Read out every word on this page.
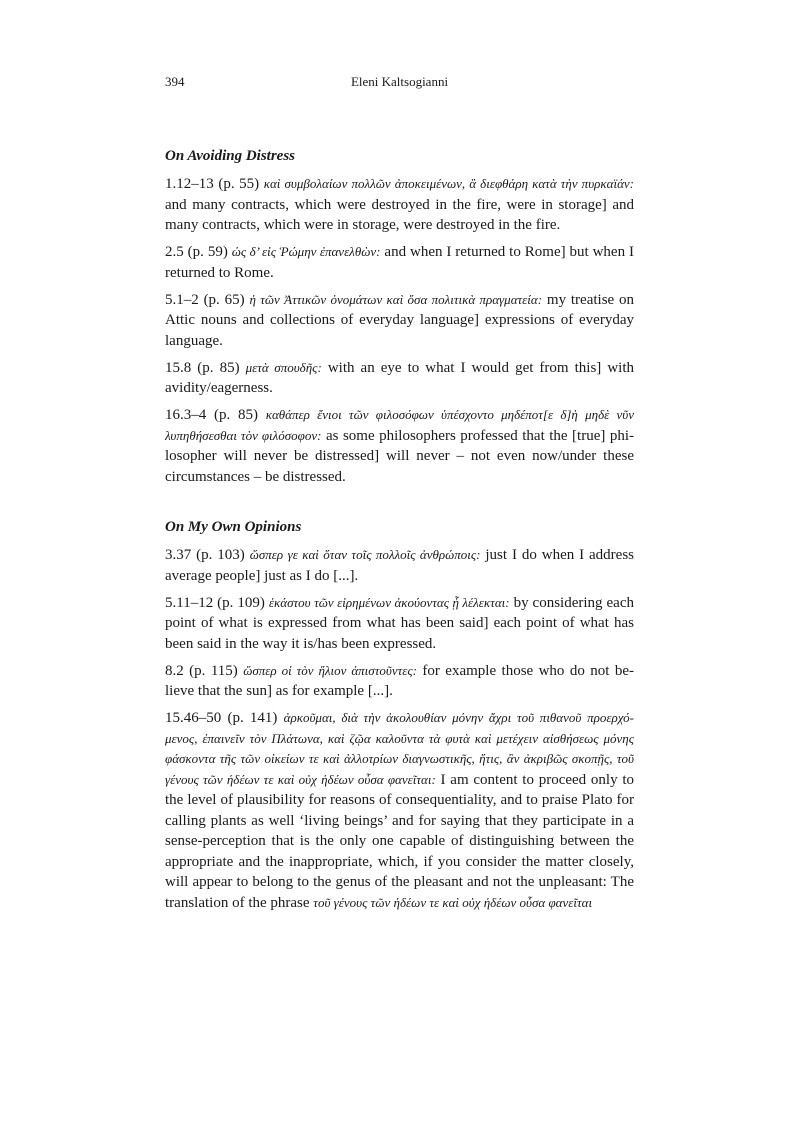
394	Eleni Kaltsogianni
On Avoiding Distress

1.12–13 (p. 55) καὶ συμβολαίων πολλῶν ἀποκειμένων, ἃ διεφθάρη κατὰ τὴν πυρκαϊάν: and many contracts, which were destroyed in the fire, were in storage] and many contracts, which were in storage, were destroyed in the fire.

2.5 (p. 59) ὡς δ’ εἰς Ῥώμην ἐπανελθὼν: and when I returned to Rome] but when I returned to Rome.

5.1–2 (p. 65) ἡ τῶν Ἀττικῶν ὀνομάτων καὶ ὅσα πολιτικὰ πραγματεία: my treatise on Attic nouns and collections of everyday language] expressions of everyday language.

15.8 (p. 85) μετὰ σπουδῆς: with an eye to what I would get from this] with avidity/eagerness.

16.3–4 (p. 85) καθάπερ ἔνιοι τῶν φιλοσόφων ὑπέσχοντο μηδέποτ[ε δ]ὴ μηδὲ νῦν λυπηθήσεσθαι τὸν φιλόσοφον: as some philosophers professed that the [true] philosopher will never be distressed] will never – not even now/under these circumstances – be distressed.

On My Own Opinions

3.37 (p. 103) ὥσπερ γε καὶ ὅταν τοῖς πολλοῖς ἀνθρώποις: just I do when I address average people] just as I do [...].

5.11–12 (p. 109) ἑκάστου τῶν εἰρημένων ἀκούοντας ᾗ λέλεκται: by considering each point of what is expressed from what has been said] each point of what has been said in the way it is/has been expressed.

8.2 (p. 115) ὥσπερ οἱ τὸν ἥλιον ἀπιστοῦντες: for example those who do not believe that the sun] as for example [...].

15.46–50 (p. 141) ἀρκοῦμαι, διὰ τὴν ἀκολουθίαν μόνην ἄχρι τοῦ πιθανοῦ προερχόμενος, ἐπαινεῖν τὸν Πλάτωνα, καὶ ζῷα καλοῦντα τὰ φυτὰ καὶ μετέχειν αἰσθήσεως μόνης φάσκοντα τῆς τῶν οἰκείων τε καὶ ἀλλοτρίων διαγνωστικῆς, ἥτις, ἂν ἀκριβῶς σκοπῇς, τοῦ γένους τῶν ἡδέων τε καὶ οὐχ ἡδέων οὖσα φανεῖται: I am content to proceed only to the level of plausibility for reasons of consequentiality, and to praise Plato for calling plants as well ‘living beings’ and for saying that they participate in a sense-perception that is the only one capable of distinguishing between the appropriate and the inappropriate, which, if you consider the matter closely, will appear to belong to the genus of the pleasant and not the unpleasant: The translation of the phrase τοῦ γένους τῶν ἡδέων τε καὶ οὐχ ἡδέων οὖσα φανεῖται
